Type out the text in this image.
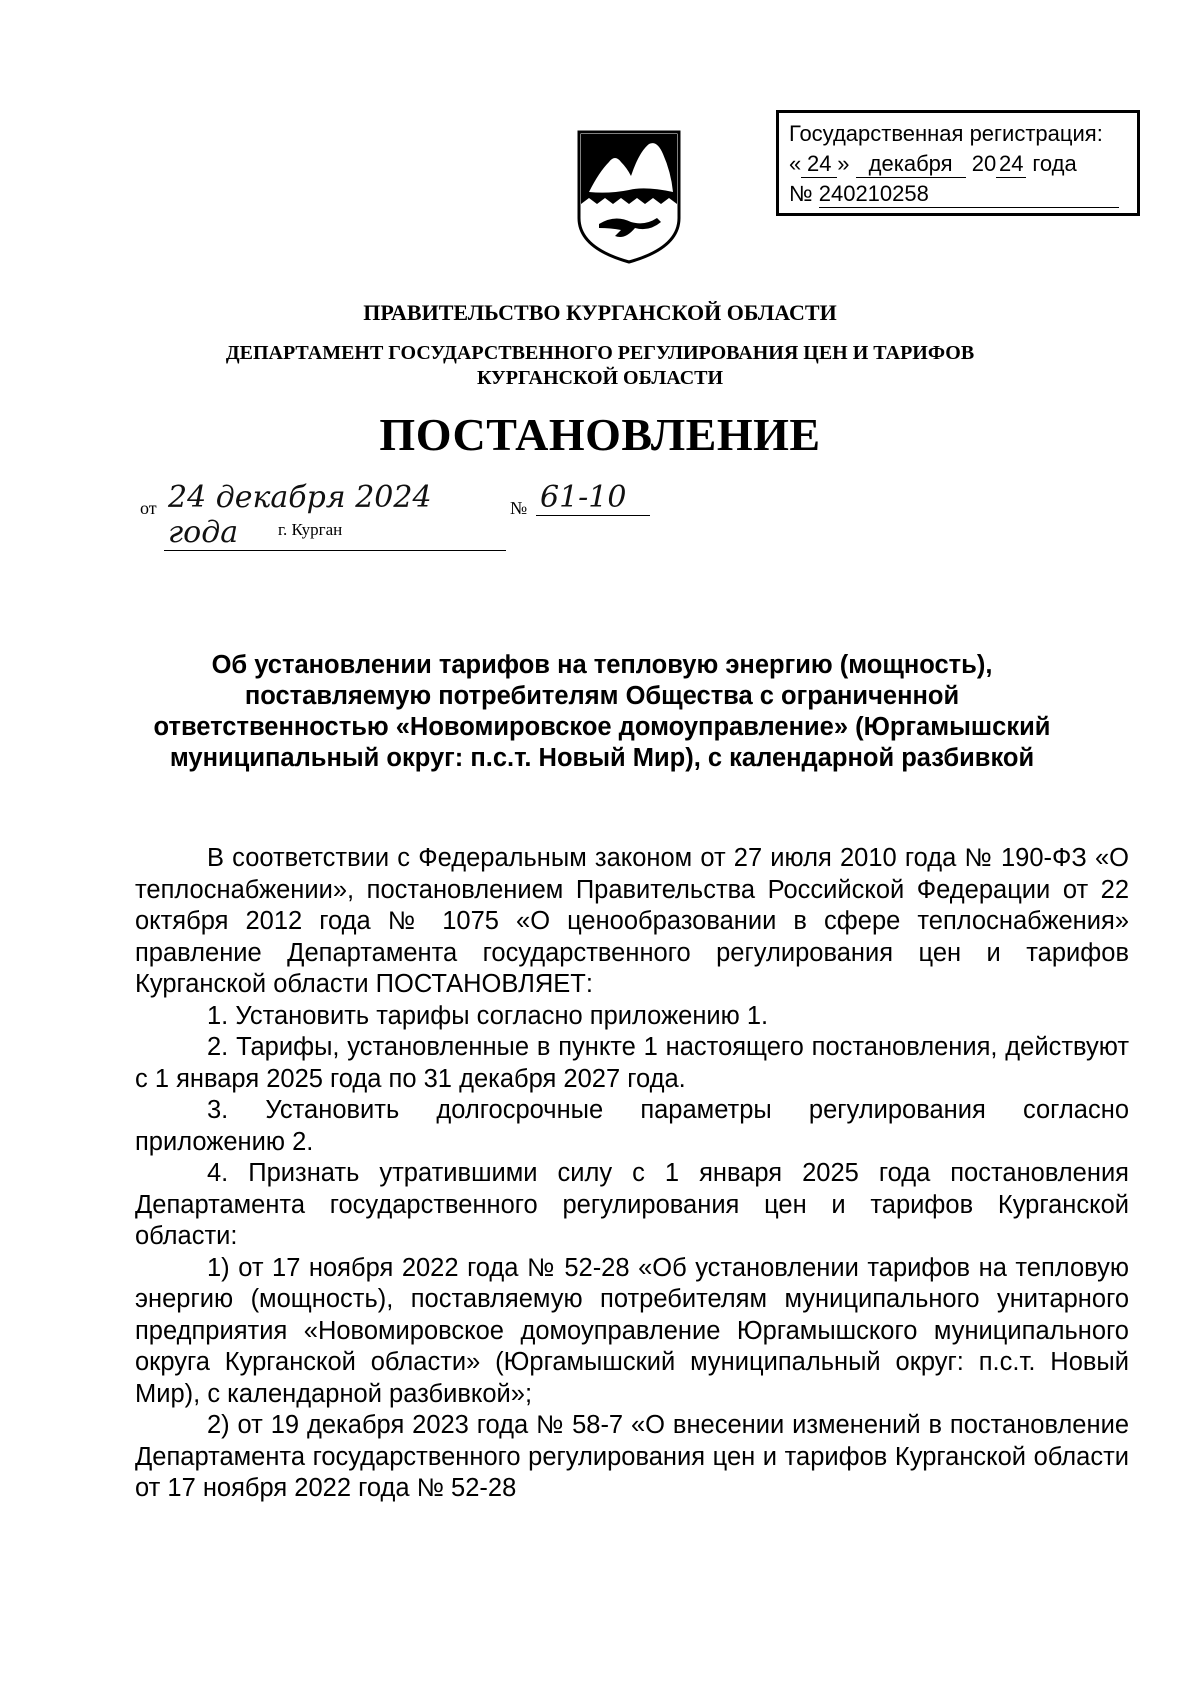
Государственная регистрация:
« 24 » декабря 20 24 года
№ 240210258
ПРАВИТЕЛЬСТВО КУРГАНСКОЙ ОБЛАСТИ
ДЕПАРТАМЕНТ ГОСУДАРСТВЕННОГО РЕГУЛИРОВАНИЯ ЦЕН И ТАРИФОВ
КУРГАНСКОЙ ОБЛАСТИ
ПОСТАНОВЛЕНИЕ
от 24 декабря 2024 года
№ 61-10
г. Курган
Об установлении тарифов на тепловую энергию (мощность),
поставляемую потребителям Общества с ограниченной
ответственностью «Новомировское домоуправление» (Юргамышский
муниципальный округ: п.с.т. Новый Мир), с календарной разбивкой

В соответствии с Федеральным законом от 27 июля 2010 года № 190-ФЗ «О теплоснабжении», постановлением Правительства Российской Федерации от 22 октября 2012 года № 1075 «О ценообразовании в сфере теплоснабжения» правление Департамента государственного регулирования цен и тарифов Курганской области ПОСТАНОВЛЯЕТ:

1. Установить тарифы согласно приложению 1.

2. Тарифы, установленные в пункте 1 настоящего постановления, действуют с 1 января 2025 года по 31 декабря 2027 года.

3. Установить долгосрочные параметры регулирования согласно приложению 2.

4. Признать утратившими силу с 1 января 2025 года постановления Департамента государственного регулирования цен и тарифов Курганской области:

1) от 17 ноября 2022 года № 52-28 «Об установлении тарифов на тепловую энергию (мощность), поставляемую потребителям муниципального унитарного предприятия «Новомировское домоуправление Юргамышского муниципального округа Курганской области» (Юргамышский муниципальный округ: п.с.т. Новый Мир), с календарной разбивкой»;

2) от 19 декабря 2023 года № 58-7 «О внесении изменений в постановление Департамента государственного регулирования цен и тарифов Курганской области от 17 ноября 2022 года № 52-28
